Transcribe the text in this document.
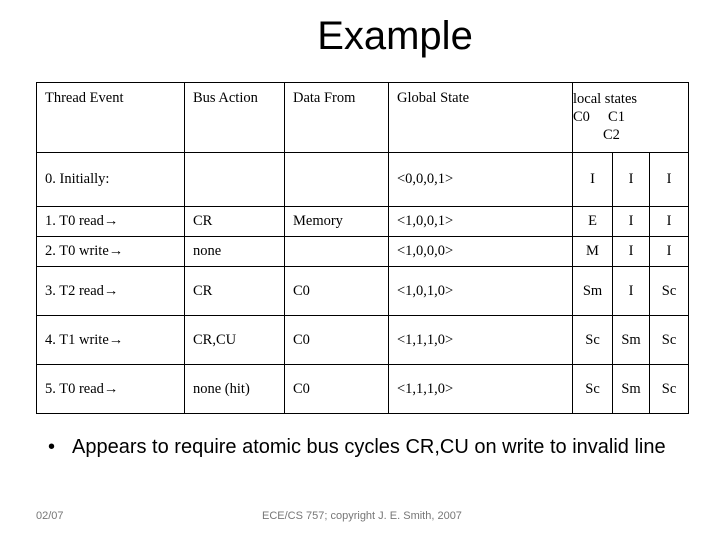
Example
Thread Event	Bus Action	Data From	Global State	local states
C0     C1
C2		

0. Initially:			<0,0,0,1>	I	I	I
1. T0 read→	CR	Memory	<1,0,0,1>	E	I	I
2. T0 write→	none		<1,0,0,0>	M	I	I
3. T2 read→	CR	C0	<1,0,1,0>	Sm	I	Sc
4. T1 write→	CR,CU	C0	<1,1,1,0>	Sc	Sm	Sc
5. T0 read→	none (hit)	C0	<1,1,1,0>	Sc	Sm	Sc
• Appears to require atomic bus cycles CR,CU on write to invalid line
02/07	ECE/CS 757; copyright J. E. Smith, 2007
